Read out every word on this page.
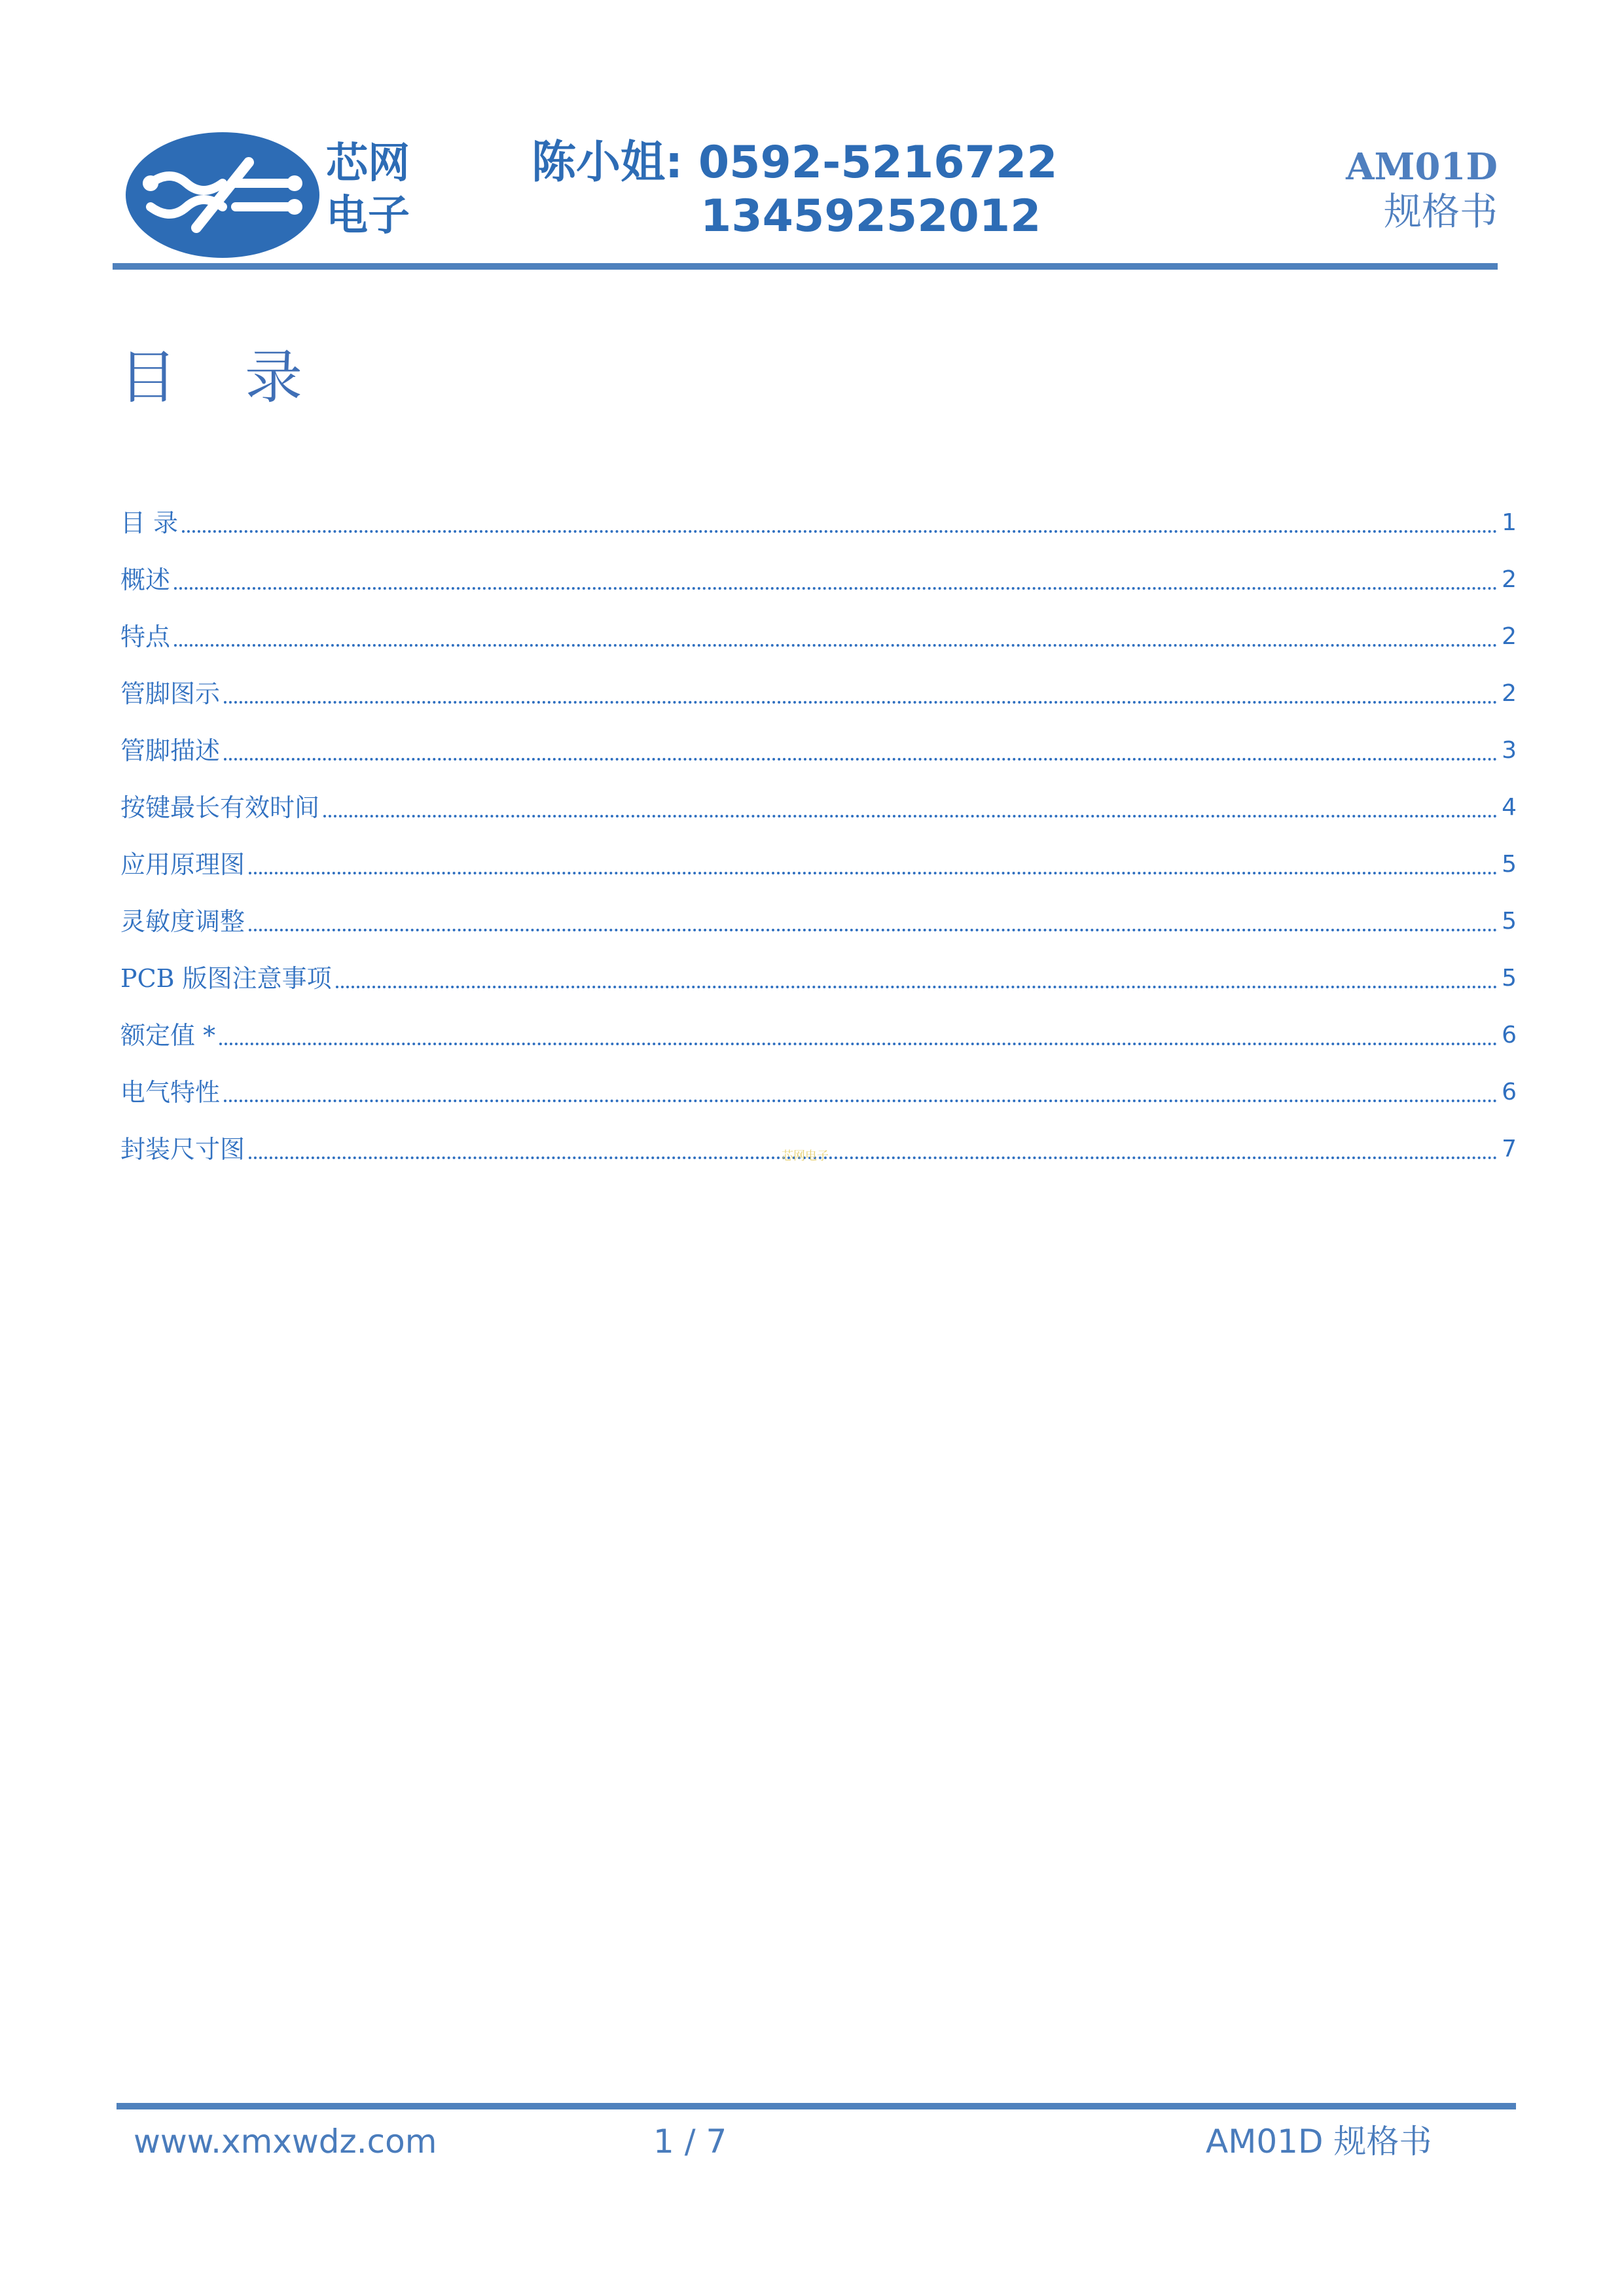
芯网
电子
陈小姐: 0592-5216722
13459252012
AM01D
规格书
目 录
目 录	1
概述	2
特点	2
管脚图示	2
管脚描述	3
按键最长有效时间	4
应用原理图	5
灵敏度调整	5
PCB 版图注意事项	5
额定值 *	6
电气特性	6
封装尺寸图	7
芯网电子
www.xmxwdz.com	1 / 7	AM01D 规格书
